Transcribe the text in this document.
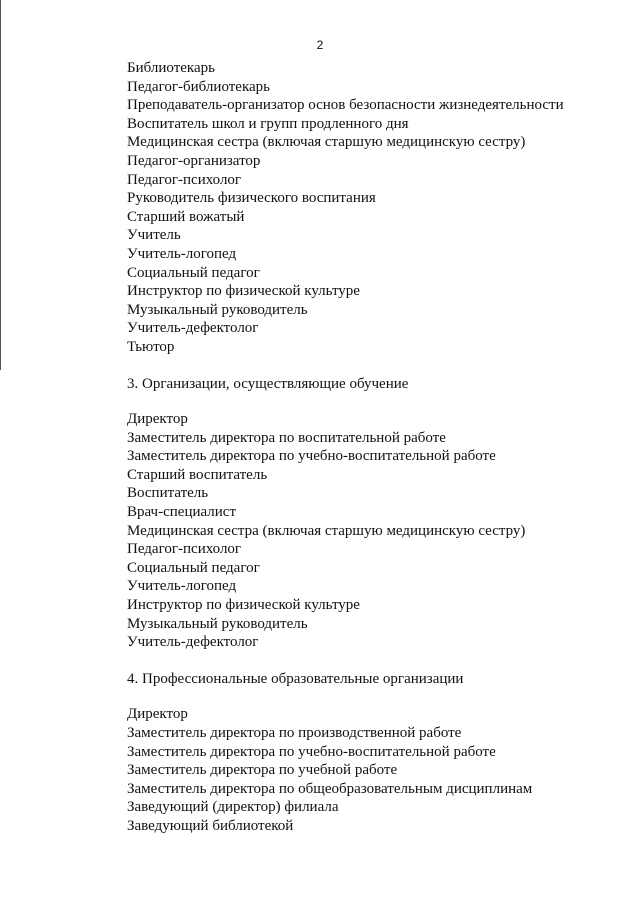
2
Библиотекарь
Педагог-библиотекарь
Преподаватель-организатор основ безопасности жизнедеятельности
Воспитатель школ и групп продленного дня
Медицинская сестра (включая старшую медицинскую сестру)
Педагог-организатор
Педагог-психолог
Руководитель физического воспитания
Старший вожатый
Учитель
Учитель-логопед
Социальный педагог
Инструктор по физической культуре
Музыкальный руководитель
Учитель-дефектолог
Тьютор
3. Организации, осуществляющие обучение
Директор
Заместитель директора по воспитательной работе
Заместитель директора по учебно-воспитательной работе
Старший воспитатель
Воспитатель
Врач-специалист
Медицинская сестра (включая старшую медицинскую сестру)
Педагог-психолог
Социальный педагог
Учитель-логопед
Инструктор по физической культуре
Музыкальный руководитель
Учитель-дефектолог
4. Профессиональные образовательные организации
Директор
Заместитель директора по производственной работе
Заместитель директора по учебно-воспитательной работе
Заместитель директора по учебной работе
Заместитель директора по общеобразовательным дисциплинам
Заведующий (директор) филиала
Заведующий библиотекой
